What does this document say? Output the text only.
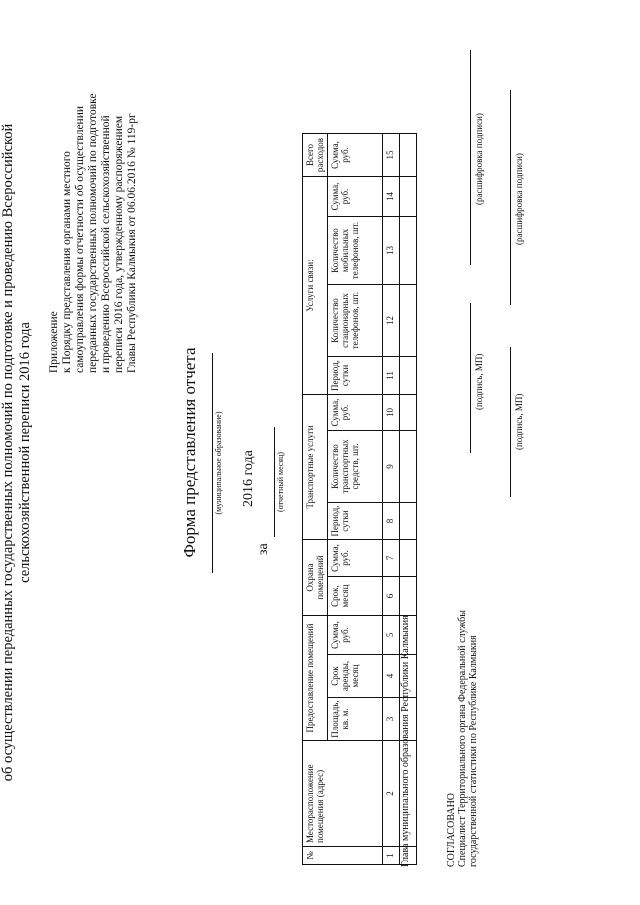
Приложение к Порядку представления органами местного самоуправления формы отчетности об осуществлении переданных государственных полномочий по подготовке и проведению Всероссийской сельскохозяйственной переписи 2016 года, утвержденному распоряжением Главы Республики Калмыкия от 06.06.2016 № 119-рг
Форма представления отчета (муниципальное образование)
об осуществлении переданных государственных полномочий по подготовке и проведению Всероссийской сельскохозяйственной переписи 2016 года	за
2016 года	(отчетный месяц)
№	Месторасположение помещения (адрес)	Предоставление помещений			Охрана помещений		Транспортные услуги			Услуги связи:				Всего расходов
		Площадь, кв. м.	Срок аренды, месяц	Сумма, руб.	Срок, месяц	Сумма, руб.	Период, сутки	Количество транспортных средств, шт.	Сумма, руб.	Период, сутки	Количество стационарных телефонов, шт.	Количество мобильных телефонов, шт.	Сумма, руб.	Сумма, руб.
1	2	3	4	5	6	7	8	9	10	11	12	13	14	15

Глава муниципального образования Республики Калмыкия
(подпись, МП)
(расшифровка подписи)
СОГЛАСОВАНО Специалист Территориального органа Федеральной службы государственной статистики по Республике Калмыкия
(подпись, МП)
(расшифровка подписи)
